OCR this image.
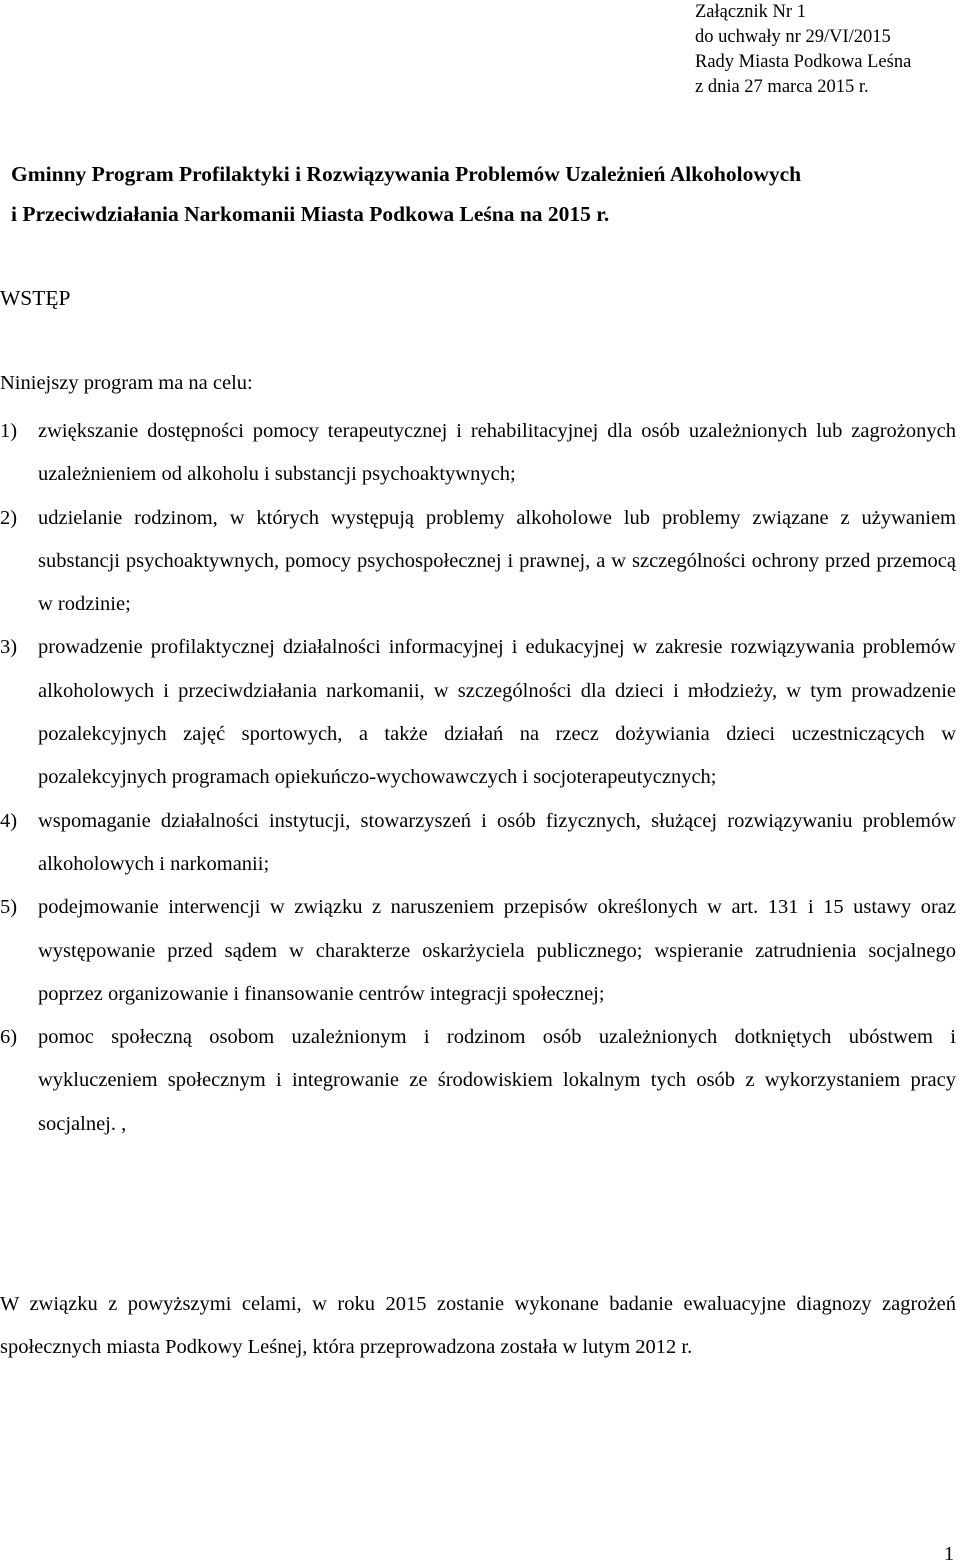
Załącznik Nr 1
do uchwały nr 29/VI/2015
Rady Miasta Podkowa Leśna
z dnia 27 marca 2015 r.
Gminny Program Profilaktyki i Rozwiązywania Problemów Uzależnień Alkoholowych
i Przeciwdziałania Narkomanii Miasta Podkowa Leśna na 2015 r.
WSTĘP
Niniejszy program ma na celu:
1) zwiększanie dostępności pomocy terapeutycznej i rehabilitacyjnej dla osób uzależnionych lub zagrożonych uzależnieniem od alkoholu i substancji psychoaktywnych;
2) udzielanie rodzinom, w których występują problemy alkoholowe lub problemy związane z używaniem substancji psychoaktywnych, pomocy psychospołecznej i prawnej, a w szczególności ochrony przed przemocą w rodzinie;
3) prowadzenie profilaktycznej działalności informacyjnej i edukacyjnej w zakresie rozwiązywania problemów alkoholowych i przeciwdziałania narkomanii, w szczególności dla dzieci i młodzieży, w tym prowadzenie pozalekcyjnych zajęć sportowych, a także działań na rzecz dożywiania dzieci uczestniczących w pozalekcyjnych programach opiekuńczo-wychowawczych i socjoterapeutycznych;
4) wspomaganie działalności instytucji, stowarzyszeń i osób fizycznych, służącej rozwiązywaniu problemów alkoholowych i narkomanii;
5) podejmowanie interwencji w związku z naruszeniem przepisów określonych w art. 131 i 15 ustawy oraz występowanie przed sądem w charakterze oskarżyciela publicznego; wspieranie zatrudnienia socjalnego poprzez organizowanie i finansowanie centrów integracji społecznej;
6) pomoc społeczną osobom uzależnionym i rodzinom osób uzależnionych dotkniętych ubóstwem i wykluczeniem społecznym i integrowanie ze środowiskiem lokalnym tych osób z wykorzystaniem pracy socjalnej. ,
W związku z powyższymi celami, w roku 2015 zostanie wykonane badanie ewaluacyjne diagnozy zagrożeń społecznych miasta Podkowy Leśnej, która przeprowadzona została w lutym 2012 r.
1
